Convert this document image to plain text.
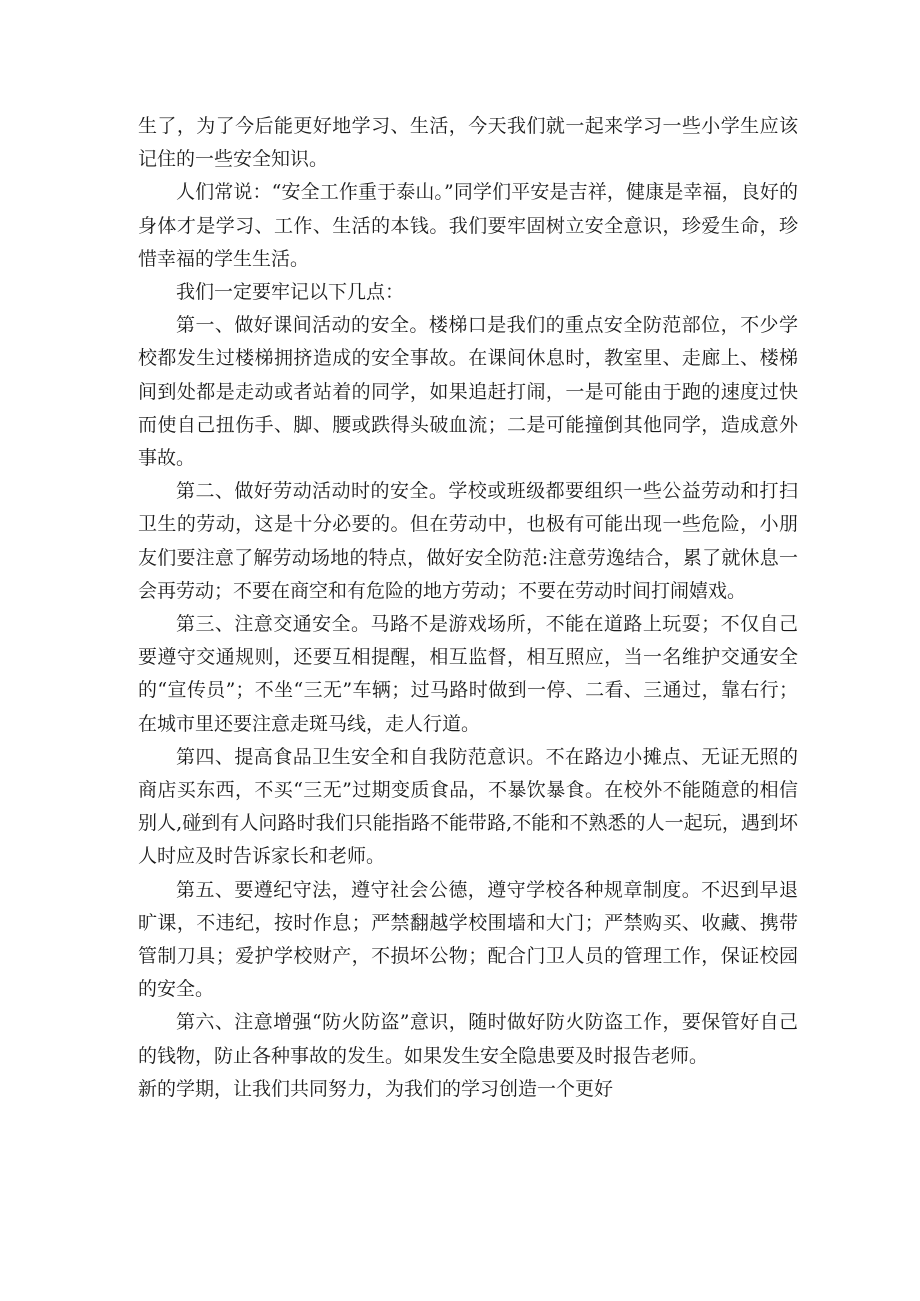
生了，为了今后能更好地学习、生活，今天我们就一起来学习一些小学生应该记住的一些安全知识。

人们常说：“安全工作重于泰山。”同学们平安是吉祥，健康是幸福，良好的身体才是学习、工作、生活的本钱。我们要牢固树立安全意识，珍爱生命，珍惜幸福的学生生活。

我们一定要牢记以下几点：

第一、做好课间活动的安全。楼梯口是我们的重点安全防范部位，不少学校都发生过楼梯拥挤造成的安全事故。在课间休息时，教室里、走廊上、楼梯间到处都是走动或者站着的同学，如果追赶打闹，一是可能由于跑的速度过快而使自己扭伤手、脚、腰或跌得头破血流；二是可能撞倒其他同学，造成意外事故。

第二、做好劳动活动时的安全。学校或班级都要组织一些公益劳动和打扫卫生的劳动，这是十分必要的。但在劳动中，也极有可能出现一些危险，小朋友们要注意了解劳动场地的特点，做好安全防范:注意劳逸结合，累了就休息一会再劳动；不要在商空和有危险的地方劳动；不要在劳动时间打闹嬉戏。

第三、注意交通安全。马路不是游戏场所，不能在道路上玩耍；不仅自己要遵守交通规则，还要互相提醒，相互监督，相互照应，当一名维护交通安全的“宣传员”；不坐“三无”车辆；过马路时做到一停、二看、三通过，靠右行；在城市里还要注意走斑马线，走人行道。

第四、提高食品卫生安全和自我防范意识。不在路边小摊点、无证无照的商店买东西，不买“三无”过期变质食品，不暴饮暴食。在校外不能随意的相信别人,碰到有人问路时我们只能指路不能带路,不能和不熟悉的人一起玩，遇到坏人时应及时告诉家长和老师。

第五、要遵纪守法，遵守社会公德，遵守学校各种规章制度。不迟到早退旷课，不违纪，按时作息；严禁翻越学校围墙和大门；严禁购买、收藏、携带管制刀具；爱护学校财产，不损坏公物；配合门卫人员的管理工作，保证校园的安全。

第六、注意增强“防火防盗”意识，随时做好防火防盗工作，要保管好自己的钱物，防止各种事故的发生。如果发生安全隐患要及时报告老师。

新的学期，让我们共同努力，为我们的学习创造一个更好
